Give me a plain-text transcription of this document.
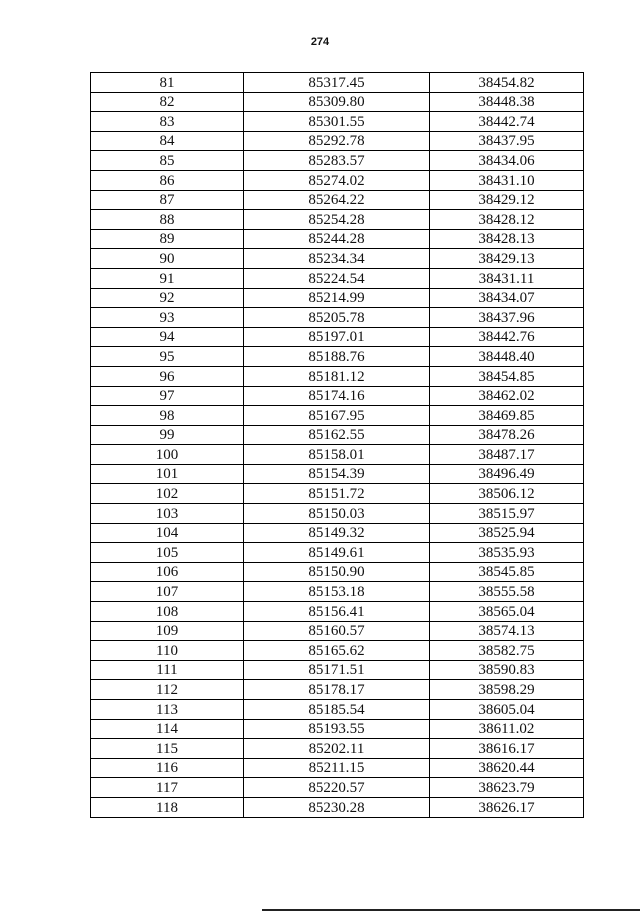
274
81	85317.45	38454.82
82	85309.80	38448.38
83	85301.55	38442.74
84	85292.78	38437.95
85	85283.57	38434.06
86	85274.02	38431.10
87	85264.22	38429.12
88	85254.28	38428.12
89	85244.28	38428.13
90	85234.34	38429.13
91	85224.54	38431.11
92	85214.99	38434.07
93	85205.78	38437.96
94	85197.01	38442.76
95	85188.76	38448.40
96	85181.12	38454.85
97	85174.16	38462.02
98	85167.95	38469.85
99	85162.55	38478.26
100	85158.01	38487.17
101	85154.39	38496.49
102	85151.72	38506.12
103	85150.03	38515.97
104	85149.32	38525.94
105	85149.61	38535.93
106	85150.90	38545.85
107	85153.18	38555.58
108	85156.41	38565.04
109	85160.57	38574.13
110	85165.62	38582.75
111	85171.51	38590.83
112	85178.17	38598.29
113	85185.54	38605.04
114	85193.55	38611.02
115	85202.11	38616.17
116	85211.15	38620.44
117	85220.57	38623.79
118	85230.28	38626.17
